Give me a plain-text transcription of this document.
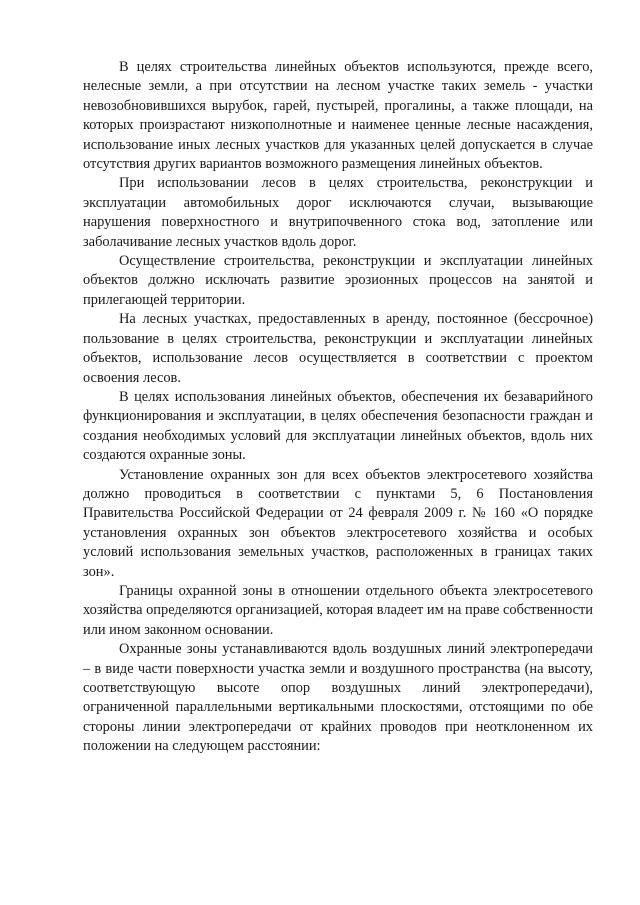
В целях строительства линейных объектов используются, прежде всего, нелесные земли, а при отсутствии на лесном участке таких земель - участки невозобновившихся вырубок, гарей, пустырей, прогалины, а также площади, на которых произрастают низкополнотные и наименее ценные лесные насаждения, использование иных лесных участков для указанных целей допускается в случае отсутствия других вариантов возможного размещения линейных объектов.

При использовании лесов в целях строительства, реконструкции и эксплуатации автомобильных дорог исключаются случаи, вызывающие нарушения поверхностного и внутрипочвенного стока вод, затопление или заболачивание лесных участков вдоль дорог.

Осуществление строительства, реконструкции и эксплуатации линейных объектов должно исключать развитие эрозионных процессов на занятой и прилегающей территории.

На лесных участках, предоставленных в аренду, постоянное (бессрочное) пользование в целях строительства, реконструкции и эксплуатации линейных объектов, использование лесов осуществляется в соответствии с проектом освоения лесов.

В целях использования линейных объектов, обеспечения их безаварийного функционирования и эксплуатации, в целях обеспечения безопасности граждан и создания необходимых условий для эксплуатации линейных объектов, вдоль них создаются охранные зоны.

Установление охранных зон для всех объектов электросетевого хозяйства должно проводиться в соответствии с пунктами 5, 6 Постановления Правительства Российской Федерации от 24 февраля 2009 г. № 160 «О порядке установления охранных зон объектов электросетевого хозяйства и особых условий использования земельных участков, расположенных в границах таких зон».

Границы охранной зоны в отношении отдельного объекта электросетевого хозяйства определяются организацией, которая владеет им на праве собственности или ином законном основании.

Охранные зоны устанавливаются вдоль воздушных линий электропередачи – в виде части поверхности участка земли и воздушного пространства (на высоту, соответствующую высоте опор воздушных линий электропередачи), ограниченной параллельными вертикальными плоскостями, отстоящими по обе стороны линии электропередачи от крайних проводов при неотклоненном их положении на следующем расстоянии:
